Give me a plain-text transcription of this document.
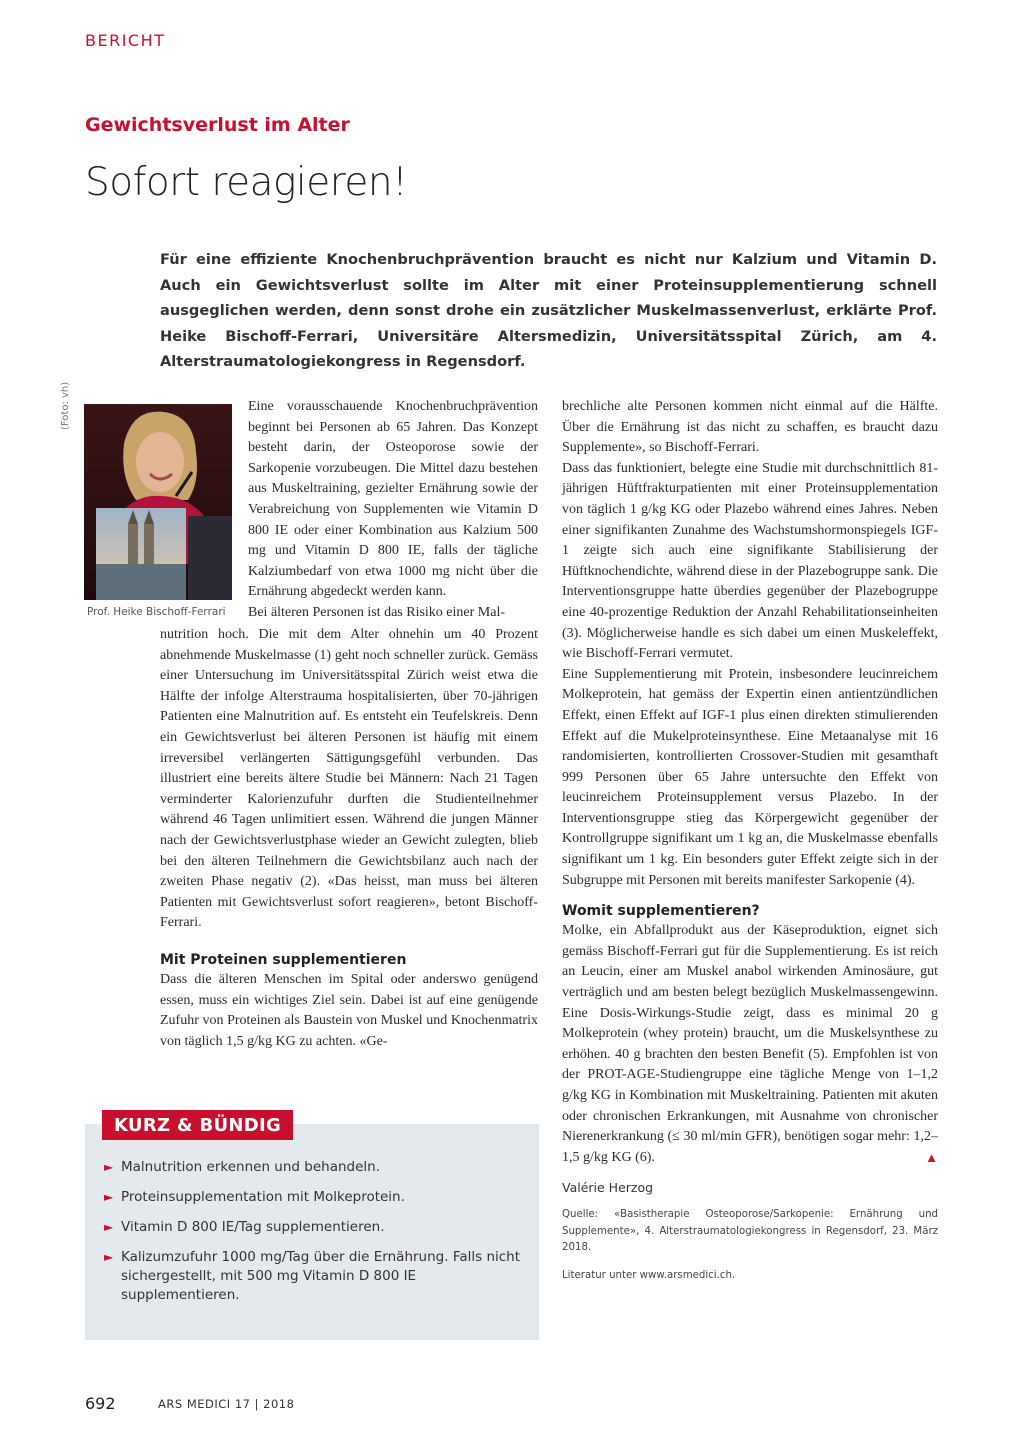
BERICHT
Gewichtsverlust im Alter
Sofort reagieren!
Für eine effiziente Knochenbruchprävention braucht es nicht nur Kalzium und Vitamin D. Auch ein Gewichtsverlust sollte im Alter mit einer Proteinsupplementierung schnell ausgeglichen werden, denn sonst drohe ein zusätzlicher Muskelmassenverlust, erklärte Prof. Heike Bischoff-Ferrari, Universitäre Altersmedizin, Universitätsspital Zürich, am 4. Alterstraumatologiekongress in Regensdorf.
(Foto: vh)
Prof. Heike Bischoff-Ferrari

Eine vorausschauende Knochenbruchprävention beginnt bei Personen ab 65 Jahren. Das Konzept besteht darin, der Osteoporose sowie der Sarkopenie vorzubeugen. Die Mittel dazu bestehen aus Muskeltraining, gezielter Ernährung sowie der Verabreichung von Supplementen wie Vitamin D 800 IE oder einer Kombination aus Kalzium 500 mg und Vitamin D 800 IE, falls der tägliche Kalziumbedarf von etwa 1000 mg nicht über die Ernährung abgedeckt werden kann.

Bei älteren Personen ist das Risiko einer Mal-

nutrition hoch. Die mit dem Alter ohnehin um 40 Prozent abnehmende Muskelmasse (1) geht noch schneller zurück. Gemäss einer Untersuchung im Universitätsspital Zürich weist etwa die Hälfte der infolge Alterstrauma hospitalisierten, über 70-jährigen Patienten eine Malnutrition auf. Es entsteht ein Teufelskreis. Denn ein Gewichtsverlust bei älteren Personen ist häufig mit einem irreversibel verlängerten Sättigungsgefühl verbunden. Das illustriert eine bereits ältere Studie bei Männern: Nach 21 Tagen verminderter Kalorienzufuhr durften die Studienteilnehmer während 46 Tagen unlimitiert essen. Während die jungen Männer nach der Gewichtsverlustphase wieder an Gewicht zulegten, blieb bei den älteren Teilnehmern die Gewichtsbilanz auch nach der zweiten Phase negativ (2). «Das heisst, man muss bei älteren Patienten mit Gewichtsverlust sofort reagieren», betont Bischoff-Ferrari.

Mit Proteinen supplementieren

Dass die älteren Menschen im Spital oder anderswo genügend essen, muss ein wichtiges Ziel sein. Dabei ist auf eine genügende Zufuhr von Proteinen als Baustein von Muskel und Knochenmatrix von täglich 1,5 g/kg KG zu achten. «Ge-

KURZ & BÜNDIG
► Malnutrition erkennen und behandeln.
► Proteinsupplementation mit Molkeprotein.
► Vitamin D 800 IE/Tag supplementieren.
► Kalizumzufuhr 1000 mg/Tag über die Ernährung. Falls nicht sichergestellt, mit 500 mg Vitamin D 800 IE supplementieren.

brechliche alte Personen kommen nicht einmal auf die Hälfte. Über die Ernährung ist das nicht zu schaffen, es braucht dazu Supplemente», so Bischoff-Ferrari.

Dass das funktioniert, belegte eine Studie mit durchschnittlich 81-jährigen Hüftfrakturpatienten mit einer Proteinsupplementation von täglich 1 g/kg KG oder Plazebo während eines Jahres. Neben einer signifikanten Zunahme des Wachstumshormonspiegels IGF-1 zeigte sich auch eine signifikante Stabilisierung der Hüftknochendichte, während diese in der Plazebogruppe sank. Die Interventionsgruppe hatte überdies gegenüber der Plazebogruppe eine 40-prozentige Reduktion der Anzahl Rehabilitationseinheiten (3). Möglicherweise handle es sich dabei um einen Muskeleffekt, wie Bischoff-Ferrari vermutet.

Eine Supplementierung mit Protein, insbesondere leucinreichem Molkeprotein, hat gemäss der Expertin einen antientzündlichen Effekt, einen Effekt auf IGF-1 plus einen direkten stimulierenden Effekt auf die Mukelproteinsynthese. Eine Metaanalyse mit 16 randomisierten, kontrollierten Crossover-Studien mit gesamthaft 999 Personen über 65 Jahre untersuchte den Effekt von leucinreichem Proteinsupplement versus Plazebo. In der Interventionsgruppe stieg das Körpergewicht gegenüber der Kontrollgruppe signifikant um 1 kg an, die Muskelmasse ebenfalls signifikant um 1 kg. Ein besonders guter Effekt zeigte sich in der Subgruppe mit Personen mit bereits manifester Sarkopenie (4).

Womit supplementieren?

Molke, ein Abfallprodukt aus der Käseproduktion, eignet sich gemäss Bischoff-Ferrari gut für die Supplementierung. Es ist reich an Leucin, einer am Muskel anabol wirkenden Aminosäure, gut verträglich und am besten belegt bezüglich Muskelmassengewinn. Eine Dosis-Wirkungs-Studie zeigt, dass es minimal 20 g Molkeprotein (whey protein) braucht, um die Muskelsynthese zu erhöhen. 40 g brachten den besten Benefit (5). Empfohlen ist von der PROT-AGE-Studiengruppe eine tägliche Menge von 1–1,2 g/kg KG in Kombination mit Muskeltraining. Patienten mit akuten oder chronischen Erkrankungen, mit Ausnahme von chronischer Nierenerkrankung (≤ 30 ml/min GFR), benötigen sogar mehr: 1,2–1,5 g/kg KG (6).	▲

Valérie Herzog
Quelle: «Basistherapie Osteoporose/Sarkopenie: Ernährung und Supplemente», 4. Alterstraumatologiekongress in Regensdorf, 23. März 2018.
Literatur unter www.arsmedici.ch.
692	ARS MEDICI 17 | 2018
